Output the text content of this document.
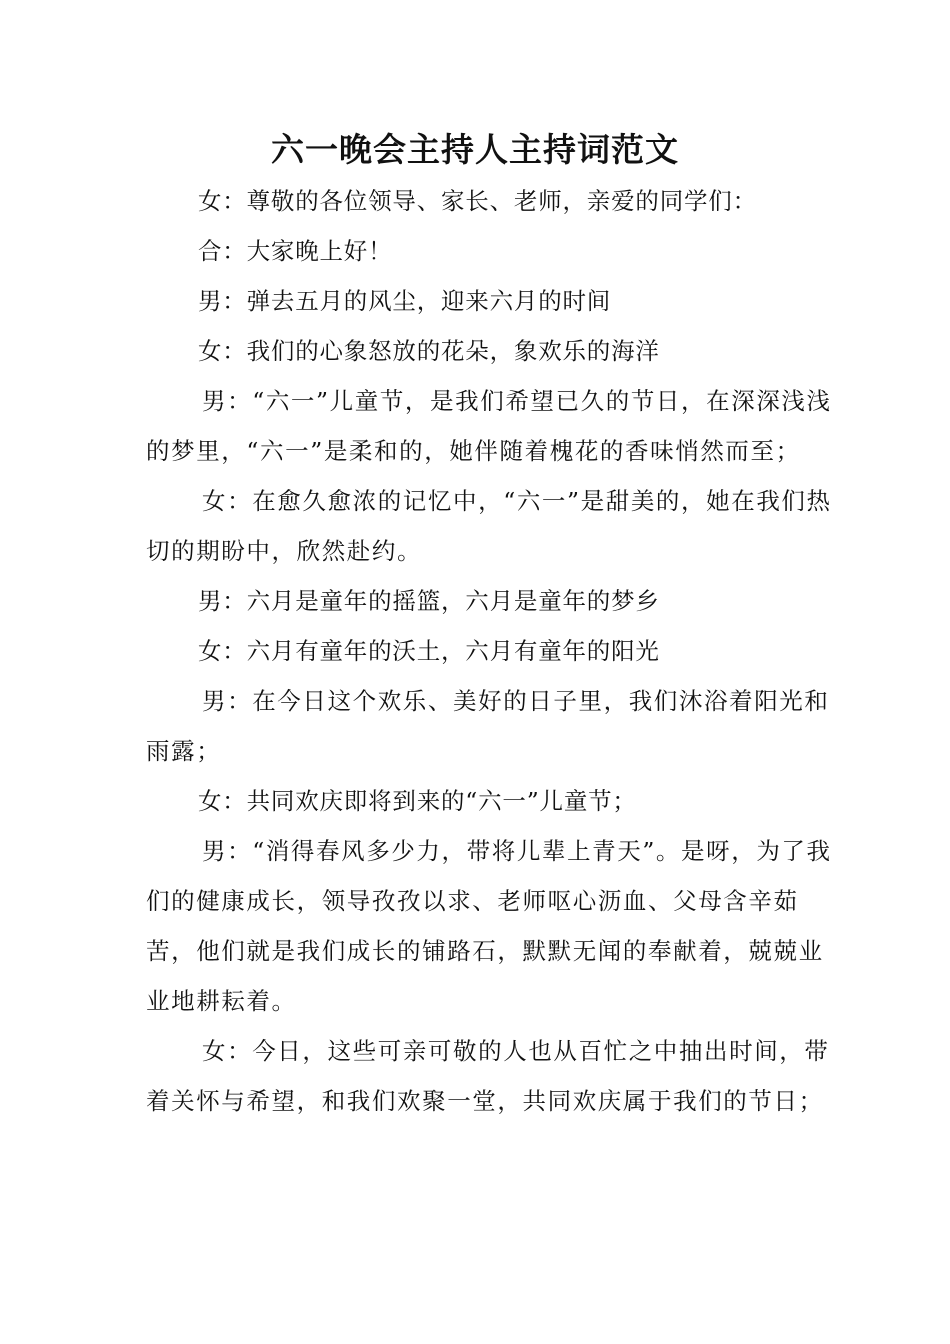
六一晚会主持人主持词范文

女：尊敬的各位领导、家长、老师，亲爱的同学们：

合：大家晚上好！

男：弹去五月的风尘，迎来六月的时间

女：我们的心象怒放的花朵，象欢乐的海洋

男：“六一”儿童节，是我们希望已久的节日，在深深浅浅的梦里，“六一”是柔和的，她伴随着槐花的香味悄然而至；

女：在愈久愈浓的记忆中，“六一”是甜美的，她在我们热切的期盼中，欣然赴约。

男：六月是童年的摇篮，六月是童年的梦乡

女：六月有童年的沃土，六月有童年的阳光

男：在今日这个欢乐、美好的日子里，我们沐浴着阳光和雨露；

女：共同欢庆即将到来的“六一”儿童节；

男：“消得春风多少力，带将儿辈上青天”。是呀，为了我们的健康成长，领导孜孜以求、老师呕心沥血、父母含辛茹苦，他们就是我们成长的铺路石，默默无闻的奉献着，兢兢业业地耕耘着。

女：今日，这些可亲可敬的人也从百忙之中抽出时间，带着关怀与希望，和我们欢聚一堂，共同欢庆属于我们的节日；
